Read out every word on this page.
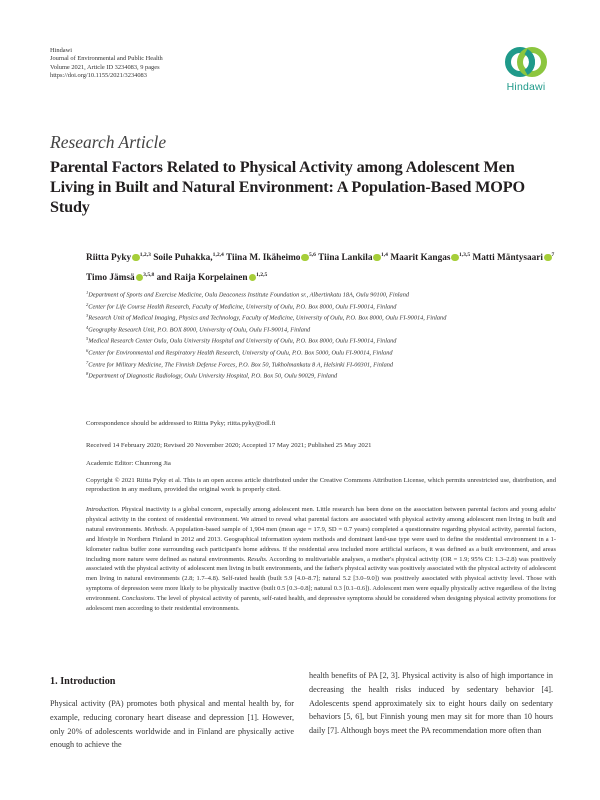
Hindawi
Journal of Environmental and Public Health
Volume 2021, Article ID 3234083, 9 pages
https://doi.org/10.1155/2021/3234083
Hindawi
Research Article
Parental Factors Related to Physical Activity among Adolescent Men Living in Built and Natural Environment: A Population-Based MOPO Study
Riitta Pyky $^{1,2,3}$ Soile Puhakka,$^{1,2,4}$ Tiina M. Ikäheimo $^{5,6}$ Tiina Lankila $^{1,4}$ Maarit Kangas $^{1,3,5}$ Matti Mäntysaari $^7$ Timo Jämsä $^{3,5,8}$ and Raija Korpelainen $^{1,2,5}$
$^1$Department of Sports and Exercise Medicine, Oulu Deaconess Institute Foundation sr., Albertinkatu 18A, Oulu 90100, Finland
$^2$Center for Life Course Health Research, Faculty of Medicine, University of Oulu, P.O. Box 8000, Oulu FI-90014, Finland
$^3$Research Unit of Medical Imaging, Physics and Technology, Faculty of Medicine, University of Oulu, P.O. Box 8000, Oulu FI-90014, Finland
$^4$Geography Research Unit, P.O. BOX 8000, University of Oulu, Oulu FI-90014, Finland
$^5$Medical Research Center Oulu, Oulu University Hospital and University of Oulu, P.O. Box 8000, Oulu FI-90014, Finland
$^6$Center for Environmental and Respiratory Health Research, University of Oulu, P.O. Box 5000, Oulu FI-90014, Finland
$^7$Centre for Military Medicine, The Finnish Defense Forces, P.O. Box 50, Tukholmankatu 8 A, Helsinki FI-00301, Finland
$^8$Department of Diagnostic Radiology, Oulu University Hospital, P.O. Box 50, Oulu 90029, Finland
Correspondence should be addressed to Riitta Pyky; riitta.pyky@odl.fi
Received 14 February 2020; Revised 20 November 2020; Accepted 17 May 2021; Published 25 May 2021
Academic Editor: Chunrong Jia
Copyright © 2021 Riitta Pyky et al. This is an open access article distributed under the Creative Commons Attribution License, which permits unrestricted use, distribution, and reproduction in any medium, provided the original work is properly cited.
Introduction. Physical inactivity is a global concern, especially among adolescent men. Little research has been done on the association between parental factors and young adults' physical activity in the context of residential environment. We aimed to reveal what parental factors are associated with physical activity among adolescent men living in built and natural environments. Methods. A population-based sample of 1,904 men (mean age = 17.9, SD = 0.7 years) completed a questionnaire regarding physical activity, parental factors, and lifestyle in Northern Finland in 2012 and 2013. Geographical information system methods and dominant land-use type were used to define the residential environment in a 1-kilometer radius buffer zone surrounding each participant's home address. If the residential area included more artificial surfaces, it was defined as a built environment, and areas including more nature were defined as natural environments. Results. According to multivariable analyses, a mother's physical activity (OR = 1.9; 95% CI: 1.3–2.8) was positively associated with the physical activity of adolescent men living in built environments, and the father's physical activity was positively associated with the physical activity of adolescent men living in natural environments (2.8; 1.7–4.8). Self-rated health (built 5.9 [4.0–8.7]; natural 5.2 [3.0–9.0]) was positively associated with physical activity level. Those with symptoms of depression were more likely to be physically inactive (built 0.5 [0.3–0.8]; natural 0.3 [0.1–0.6]). Adolescent men were equally physically active regardless of the living environment. Conclusions. The level of physical activity of parents, self-rated health, and depressive symptoms should be considered when designing physical activity promotions for adolescent men according to their residential environments.
1. Introduction
Physical activity (PA) promotes both physical and mental health by, for example, reducing coronary heart disease and depression [1]. However, only 20% of adolescents worldwide and in Finland are physically active enough to achieve the
health benefits of PA [2, 3]. Physical activity is also of high importance in decreasing the health risks induced by sedentary behavior [4]. Adolescents spend approximately six to eight hours daily on sedentary behaviors [5, 6], but Finnish young men may sit for more than 10 hours daily [7]. Although boys meet the PA recommendation more often than
